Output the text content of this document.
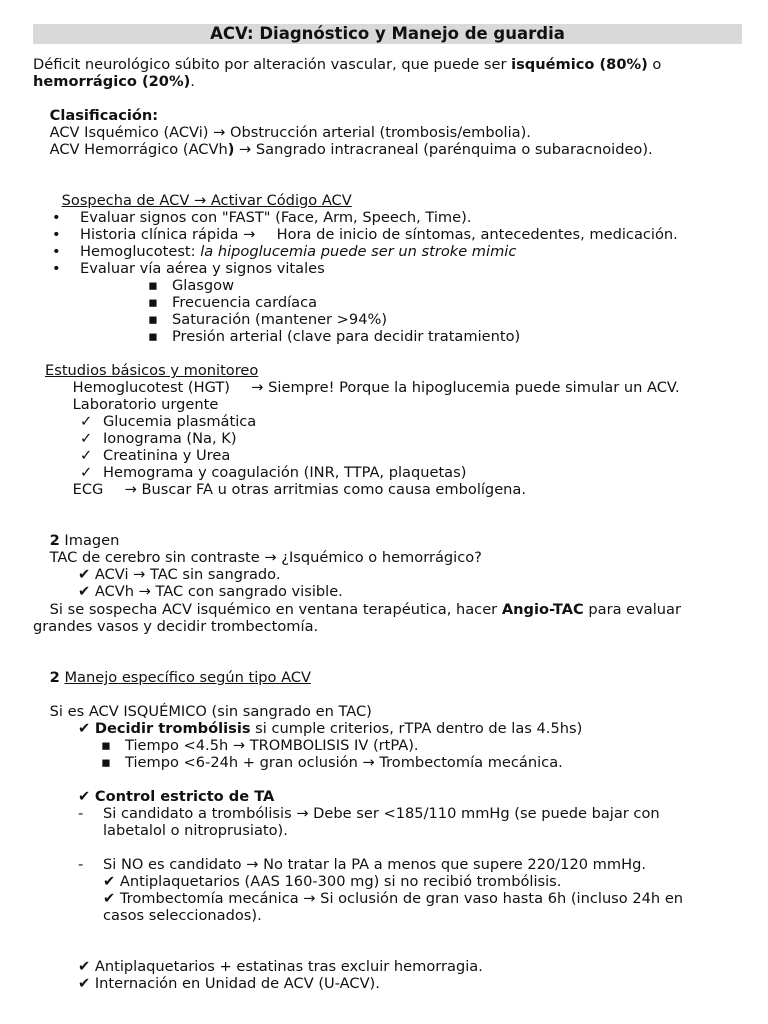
ACV: Diagnóstico y Manejo de guardia
Déficit neurológico súbito por alteración vascular, que puede ser isquémico (80%) o
hemorrágico (20%).
Clasificación:
ACV Isquémico (ACVi) → Obstrucción arterial (trombosis/embolia).
ACV Hemorrágico (ACVh) → Sangrado intracraneal (parénquima o subaracnoideo).
Sospecha de ACV → Activar Código ACV
• Evaluar signos con "FAST" (Face, Arm, Speech, Time).
• Historia clínica rápida →  Hora de inicio de síntomas, antecedentes, medicación.
• Hemoglucotest: la hipoglucemia puede ser un stroke mimic
• Evaluar vía aérea y signos vitales
▪ Glasgow
▪ Frecuencia cardíaca
▪ Saturación (mantener >94%)
▪ Presión arterial (clave para decidir tratamiento)
Estudios básicos y monitoreo
Hemoglucotest (HGT)  → Siempre! Porque la hipoglucemia puede simular un ACV.
Laboratorio urgente
✓ Glucemia plasmática
✓ Ionograma (Na, K)
✓ Creatinina y Urea
✓ Hemograma y coagulación (INR, TTPA, plaquetas)
ECG  → Buscar FA u otras arritmias como causa embolígena.
2 Imagen
TAC de cerebro sin contraste → ¿Isquémico o hemorrágico?
✔ ACVi → TAC sin sangrado.
✔ ACVh → TAC con sangrado visible.
Si se sospecha ACV isquémico en ventana terapéutica, hacer Angio-TAC para evaluar
grandes vasos y decidir trombectomía.
2 Manejo específico según tipo ACV
Si es ACV ISQUÉMICO (sin sangrado en TAC)
✔ Decidir trombólisis si cumple criterios, rTPA dentro de las 4.5hs)
▪ Tiempo <4.5h → TROMBOLISIS IV (rtPA).
▪ Tiempo <6-24h + gran oclusión → Trombectomía mecánica.
✔ Control estricto de TA
- Si candidato a trombólisis → Debe ser <185/110 mmHg (se puede bajar con
labetalol o nitroprusiato).
- Si NO es candidato → No tratar la PA a menos que supere 220/120 mmHg.
✔ Antiplaquetarios (AAS 160-300 mg) si no recibió trombólisis.
✔ Trombectomía mecánica → Si oclusión de gran vaso hasta 6h (incluso 24h en
casos seleccionados).
✔ Antiplaquetarios + estatinas tras excluir hemorragia.
✔ Internación en Unidad de ACV (U-ACV).
